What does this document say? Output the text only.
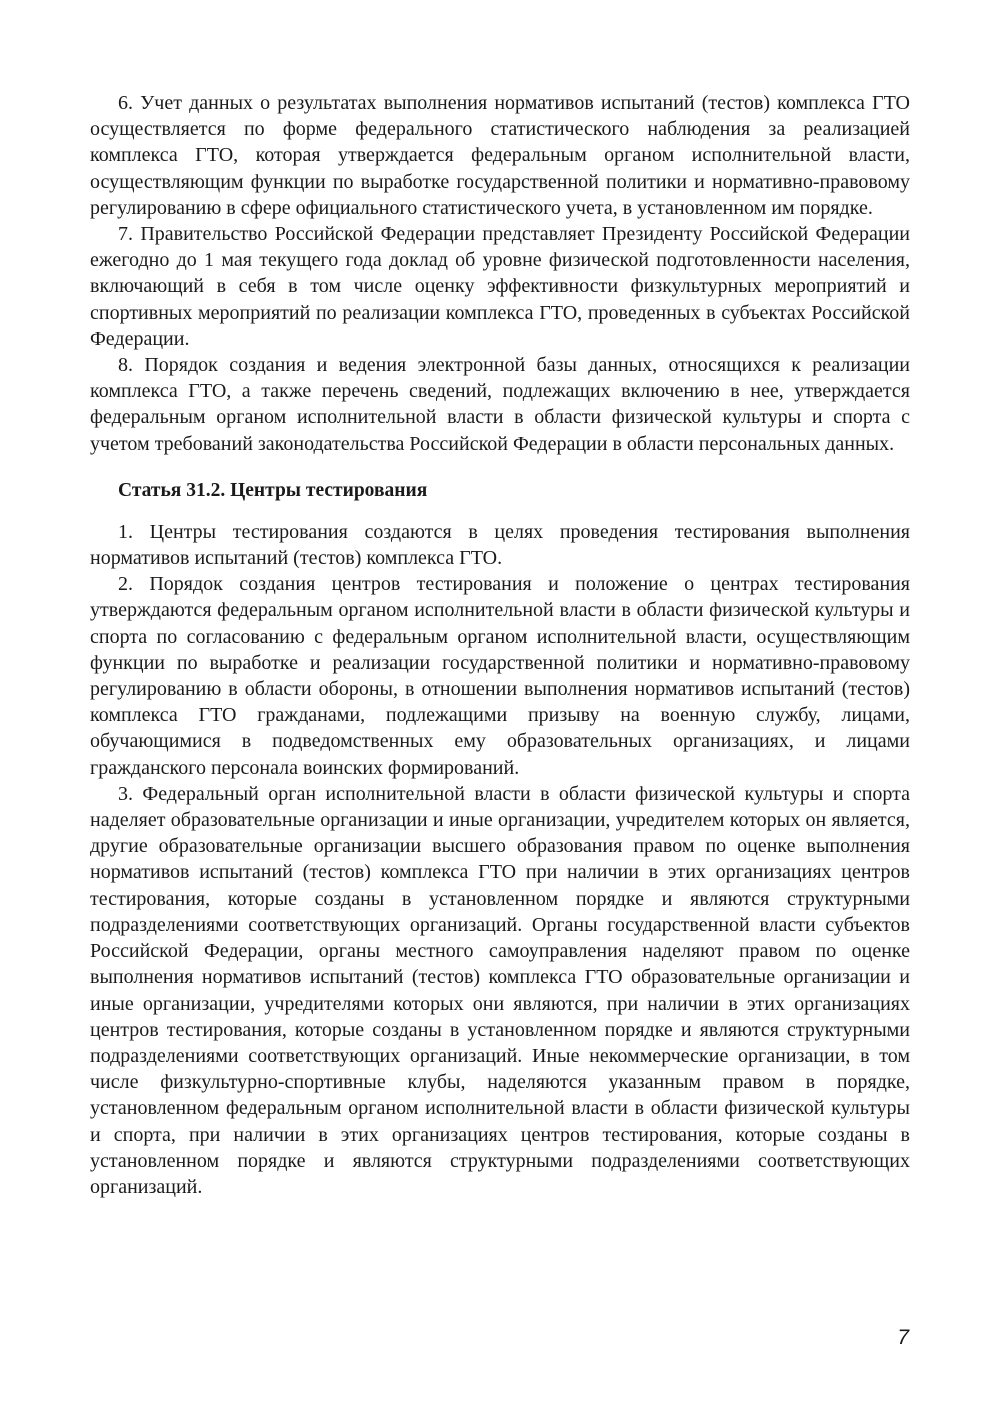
6. Учет данных о результатах выполнения нормативов испытаний (тестов) комплекса ГТО осуществляется по форме федерального статистического наблюдения за реализацией комплекса ГТО, которая утверждается федеральным органом исполнительной власти, осуществляющим функции по выработке государственной политики и нормативно-правовому регулированию в сфере официального статистического учета, в установленном им порядке.

7. Правительство Российской Федерации представляет Президенту Российской Федерации ежегодно до 1 мая текущего года доклад об уровне физической подготовленности населения, включающий в себя в том числе оценку эффективности физкультурных мероприятий и спортивных мероприятий по реализации комплекса ГТО, проведенных в субъектах Российской Федерации.

8. Порядок создания и ведения электронной базы данных, относящихся к реализации комплекса ГТО, а также перечень сведений, подлежащих включению в нее, утверждается федеральным органом исполнительной власти в области физической культуры и спорта с учетом требований законодательства Российской Федерации в области персональных данных.

Статья 31.2. Центры тестирования

1. Центры тестирования создаются в целях проведения тестирования выполнения нормативов испытаний (тестов) комплекса ГТО.

2. Порядок создания центров тестирования и положение о центрах тестирования утверждаются федеральным органом исполнительной власти в области физической культуры и спорта по согласованию с федеральным органом исполнительной власти, осуществляющим функции по выработке и реализации государственной политики и нормативно-правовому регулированию в области обороны, в отношении выполнения нормативов испытаний (тестов) комплекса ГТО гражданами, подлежащими призыву на военную службу, лицами, обучающимися в подведомственных ему образовательных организациях, и лицами гражданского персонала воинских формирований.

3. Федеральный орган исполнительной власти в области физической культуры и спорта наделяет образовательные организации и иные организации, учредителем которых он является, другие образовательные организации высшего образования правом по оценке выполнения нормативов испытаний (тестов) комплекса ГТО при наличии в этих организациях центров тестирования, которые созданы в установленном порядке и являются структурными подразделениями соответствующих организаций. Органы государственной власти субъектов Российской Федерации, органы местного самоуправления наделяют правом по оценке выполнения нормативов испытаний (тестов) комплекса ГТО образовательные организации и иные организации, учредителями которых они являются, при наличии в этих организациях центров тестирования, которые созданы в установленном порядке и являются структурными подразделениями соответствующих организаций. Иные некоммерческие организации, в том числе физкультурно-спортивные клубы, наделяются указанным правом в порядке, установленном федеральным органом исполнительной власти в области физической культуры и спорта, при наличии в этих организациях центров тестирования, которые созданы в установленном порядке и являются структурными подразделениями соответствующих организаций.

7
